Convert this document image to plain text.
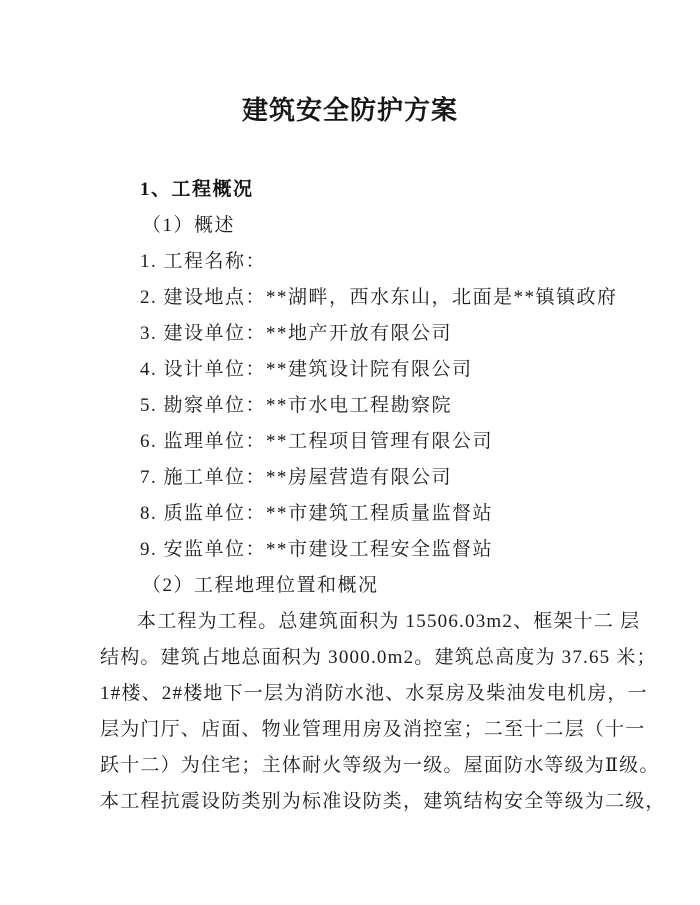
建筑安全防护方案
1、工程概况
（1）概述
1. 工程名称：
2. 建设地点：**湖畔，西水东山，北面是**镇镇政府
3. 建设单位：**地产开放有限公司
4. 设计单位：**建筑设计院有限公司
5. 勘察单位：**市水电工程勘察院
6. 监理单位：**工程项目管理有限公司
7. 施工单位：**房屋营造有限公司
8. 质监单位：**市建筑工程质量监督站
9. 安监单位：**市建设工程安全监督站
（2）工程地理位置和概况
本工程为工程。总建筑面积为 15506.03m2、框架十二 层
结构。建筑占地总面积为 3000.0m2。建筑总高度为 37.65 米；
1#楼、2#楼地下一层为消防水池、水泵房及柴油发电机房，一
层为门厅、店面、物业管理用房及消控室；二至十二层（十一
跃十二）为住宅；主体耐火等级为一级。屋面防水等级为Ⅱ级。
本工程抗震设防类别为标准设防类，建筑结构安全等级为二级，
